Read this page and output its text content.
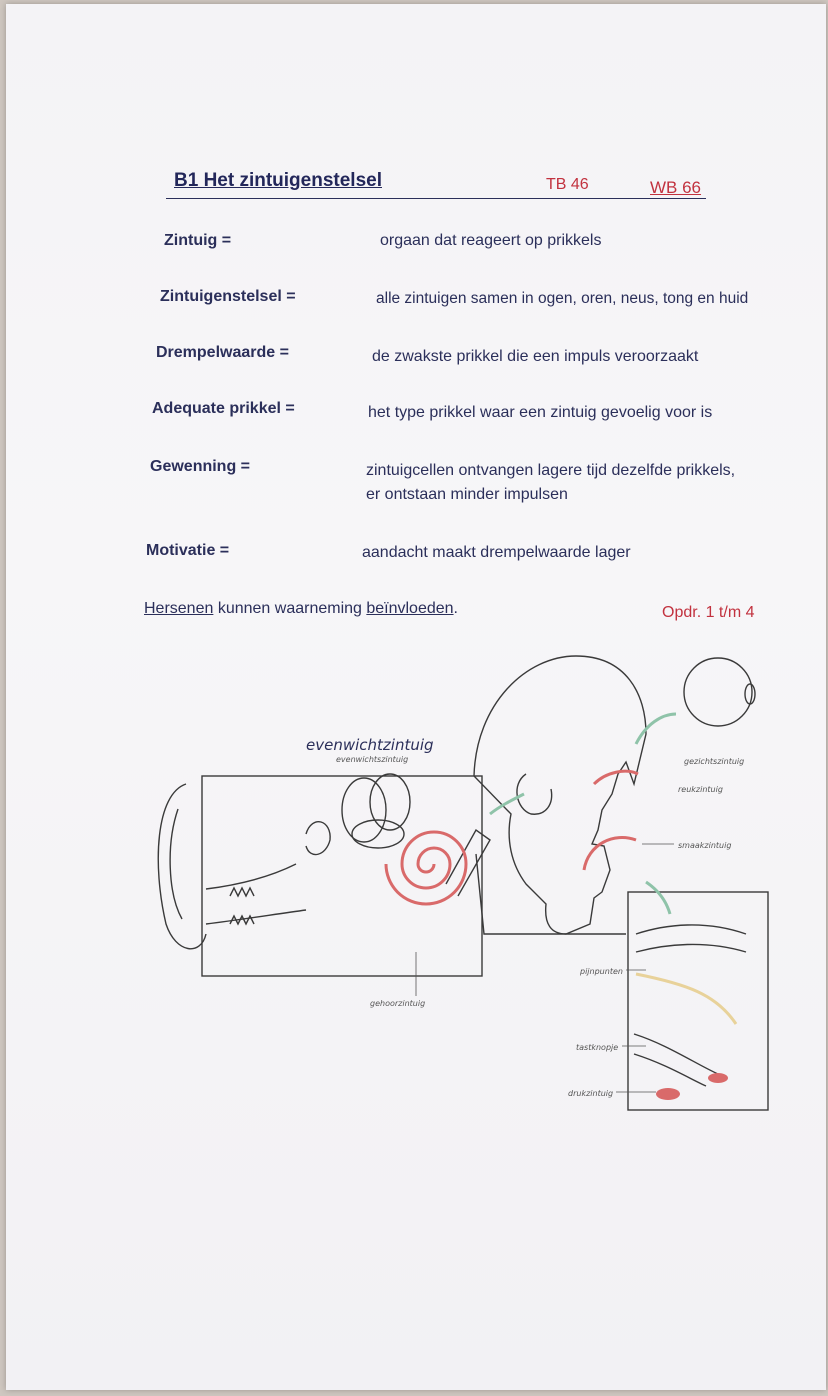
B1 Het zintuigenstelsel	TB 46	WB 66
Zintuig =	orgaan dat reageert op prikkels
Zintuigenstelsel =	alle zintuigen samen in ogen, oren, neus, tong en huid
Drempelwaarde =	de zwakste prikkel die een impuls veroorzaakt
Adequate prikkel =	het type prikkel waar een zintuig gevoelig voor is
Gewenning =	zintuigcellen ontvangen lagere tijd dezelfde prikkels,
er ontstaan minder impulsen
Motivatie =	aandacht maakt drempelwaarde lager
Hersenen kunnen waarneming beïnvloeden.	Opdr. 1 t/m 4
evenwichtszintuig
gehoorzintuig
gezichtszintuig
reukzintuig
smaakzintuig
pijnpunten
tastknopje
drukzintuig
evenwichtzintuig
